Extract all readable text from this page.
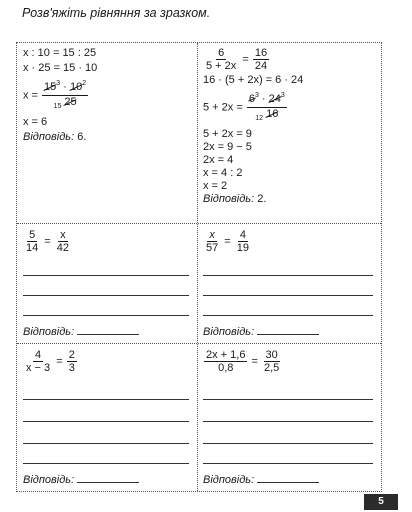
Розв'яжіть рівняння за зразком.
x : 10 = 15 : 25
x · 25 = 15 · 10
$x = \frac{15^3 \cdot 10^2}{_{15} 25}$
x = 6
Відповідь: 6.
$\frac{6}{5 + 2x} = \frac{16}{24}$
16 · (5 + 2x) = 6 · 24
$5 + 2x = \frac{6^3 \cdot 24^3}{_{12} 16}$
5 + 2x = 9
2x = 9 − 5
2x = 4
x = 4 : 2
x = 2
Відповідь: 2.
$\frac{5}{14} = \frac{x}{42}$
Відповідь:
$\frac{x}{57} = \frac{4}{19}$
Відповідь:
$\frac{4}{x - 3} = \frac{2}{3}$
Відповідь:
$\frac{2x + 1,6}{0,8} = \frac{30}{2,5}$
Відповідь:
5
